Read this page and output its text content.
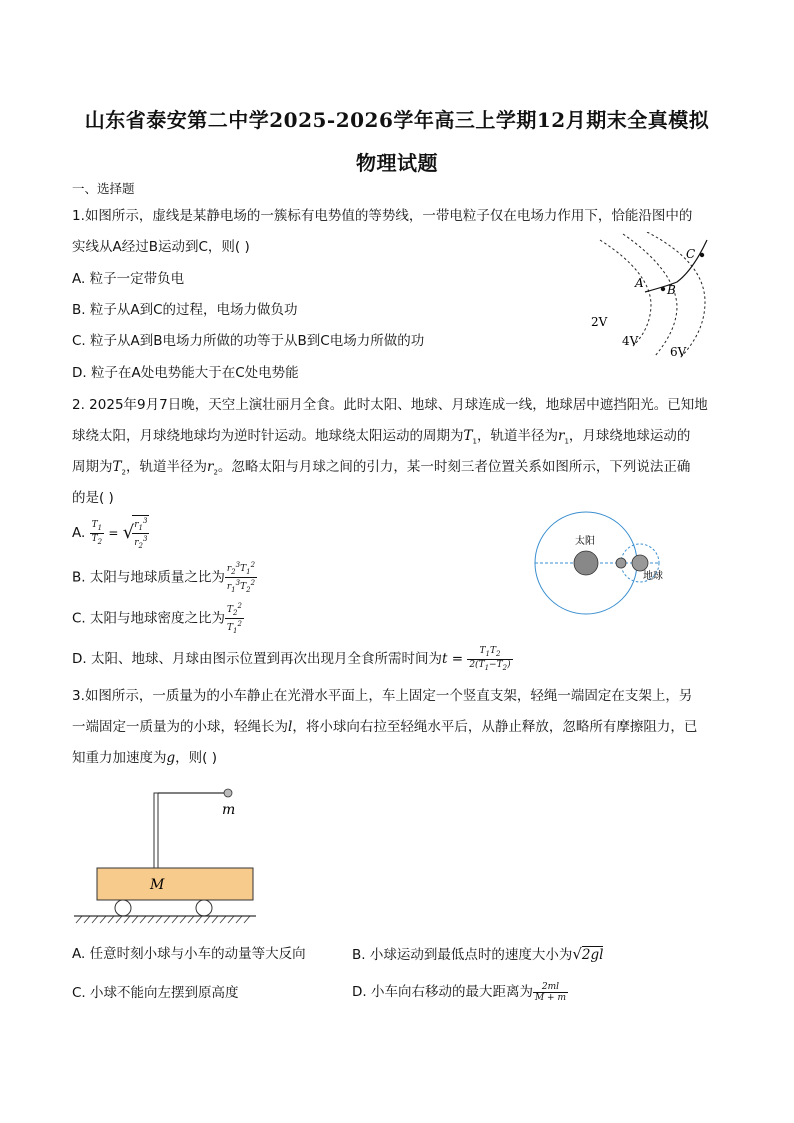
山东省泰安第二中学2025-2026学年高三上学期12月期末全真模拟
物理试题
一、选择题
1.如图所示，虚线是某静电场的一簇标有电势值的等势线，一带电粒子仅在电场力作用下，恰能沿图中的
实线从A经过B运动到C，则( )
A. 粒子一定带负电
B. 粒子从A到C的过程，电场力做负功
C. 粒子从A到B电场力所做的功等于从B到C电场力所做的功
D. 粒子在A处电势能大于在C处电势能
A B
C
2V
4V
6V
2. 2025年9月7日晚，天空上演壮丽月全食。此时太阳、地球、月球连成一线，地球居中遮挡阳光。已知地
球绕太阳，月球绕地球均为逆时针运动。地球绕太阳运动的周期为$T_1$，轨道半径为$r_1$，月球绕地球运动的
周期为$T_2$，轨道半径为$r_2$。忽略太阳与月球之间的引力，某一时刻三者位置关系如图所示，下列说法正确
的是( )
A. $\frac{T_1}{T_2}$ = √
$\frac{r_1^3}{r_2^3}$
B. 太阳与地球质量之比为 $\frac{r_2^3T_1^2}{r_1^3T_2^2}$
C. 太阳与地球密度之比为 $\frac{T_2^2}{T_1^2}$
D. 太阳、地球、月球由图示位置到再次出现月全食所需时间为$t = \frac{T_1T_2}{2(T_1-T_2)}$
太阳
地球
3.如图所示，一质量为的小车静止在光滑水平面上，车上固定一个竖直支架，轻绳一端固定在支架上，另
一端固定一质量为的小球，轻绳长为l，将小球向右拉至轻绳水平后，从静止释放，忽略所有摩擦阻力，已
知重力加速度为g，则( )
m
M
A. 任意时刻小球与小车的动量等大反向	B. 小球运动到最低点时的速度大小为√2gl
C. 小球不能向左摆到原高度	D. 小车向右移动的最大距离为 $\frac{2ml}{M + m}$
